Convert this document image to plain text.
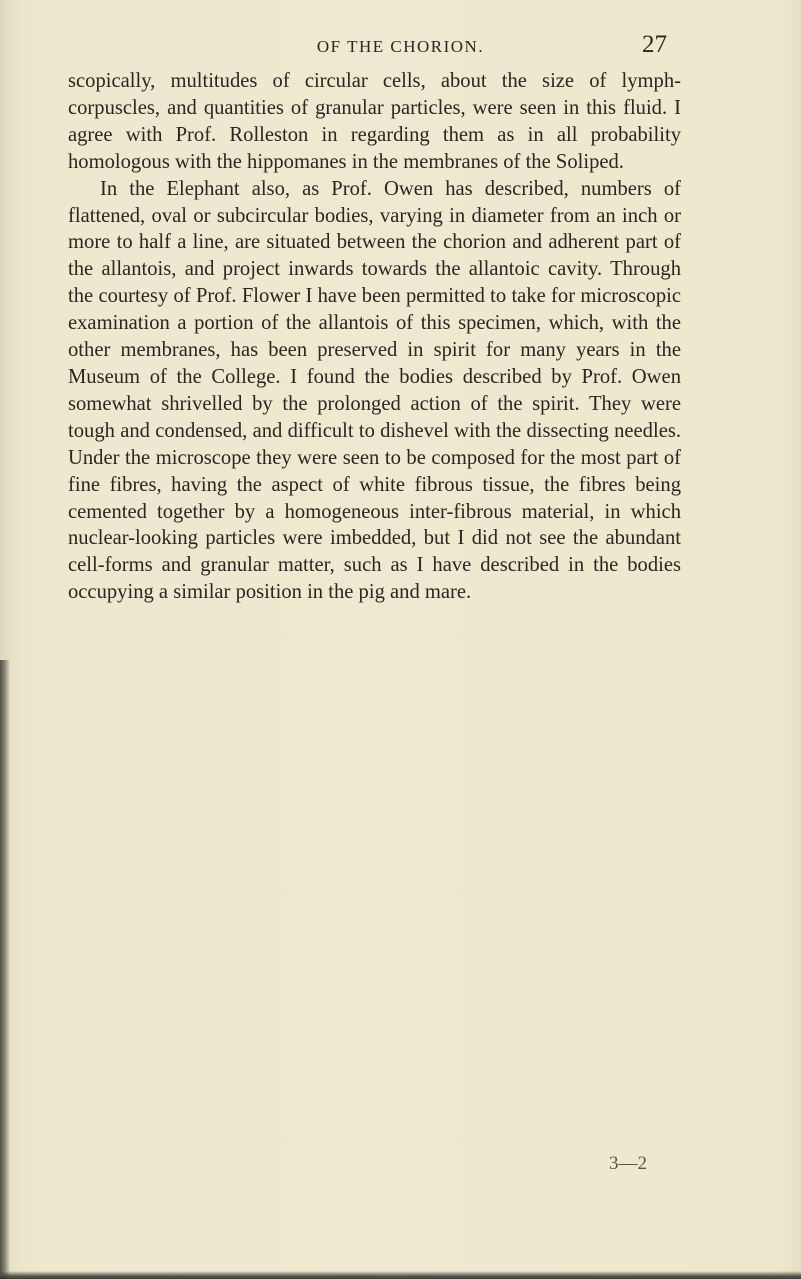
OF THE CHORION.	27

scopically, multitudes of circular cells, about the size of lymph-corpuscles, and quantities of granular particles, were seen in this fluid. I agree with Prof. Rolleston in regarding them as in all probability homologous with the hippomanes in the membranes of the Soliped.

In the Elephant also, as Prof. Owen has described, numbers of flattened, oval or subcircular bodies, varying in diameter from an inch or more to half a line, are situated between the chorion and adherent part of the allantois, and project inwards towards the allantoic cavity. Through the courtesy of Prof. Flower I have been permitted to take for microscopic examination a portion of the allantois of this specimen, which, with the other membranes, has been preserved in spirit for many years in the Museum of the College. I found the bodies described by Prof. Owen somewhat shrivelled by the prolonged action of the spirit. They were tough and condensed, and difficult to dishevel with the dissecting needles. Under the microscope they were seen to be composed for the most part of fine fibres, having the aspect of white fibrous tissue, the fibres being cemented together by a homogeneous inter-fibrous material, in which nuclear-looking particles were imbedded, but I did not see the abundant cell-forms and granular matter, such as I have described in the bodies occupying a similar position in the pig and mare.

3—2
